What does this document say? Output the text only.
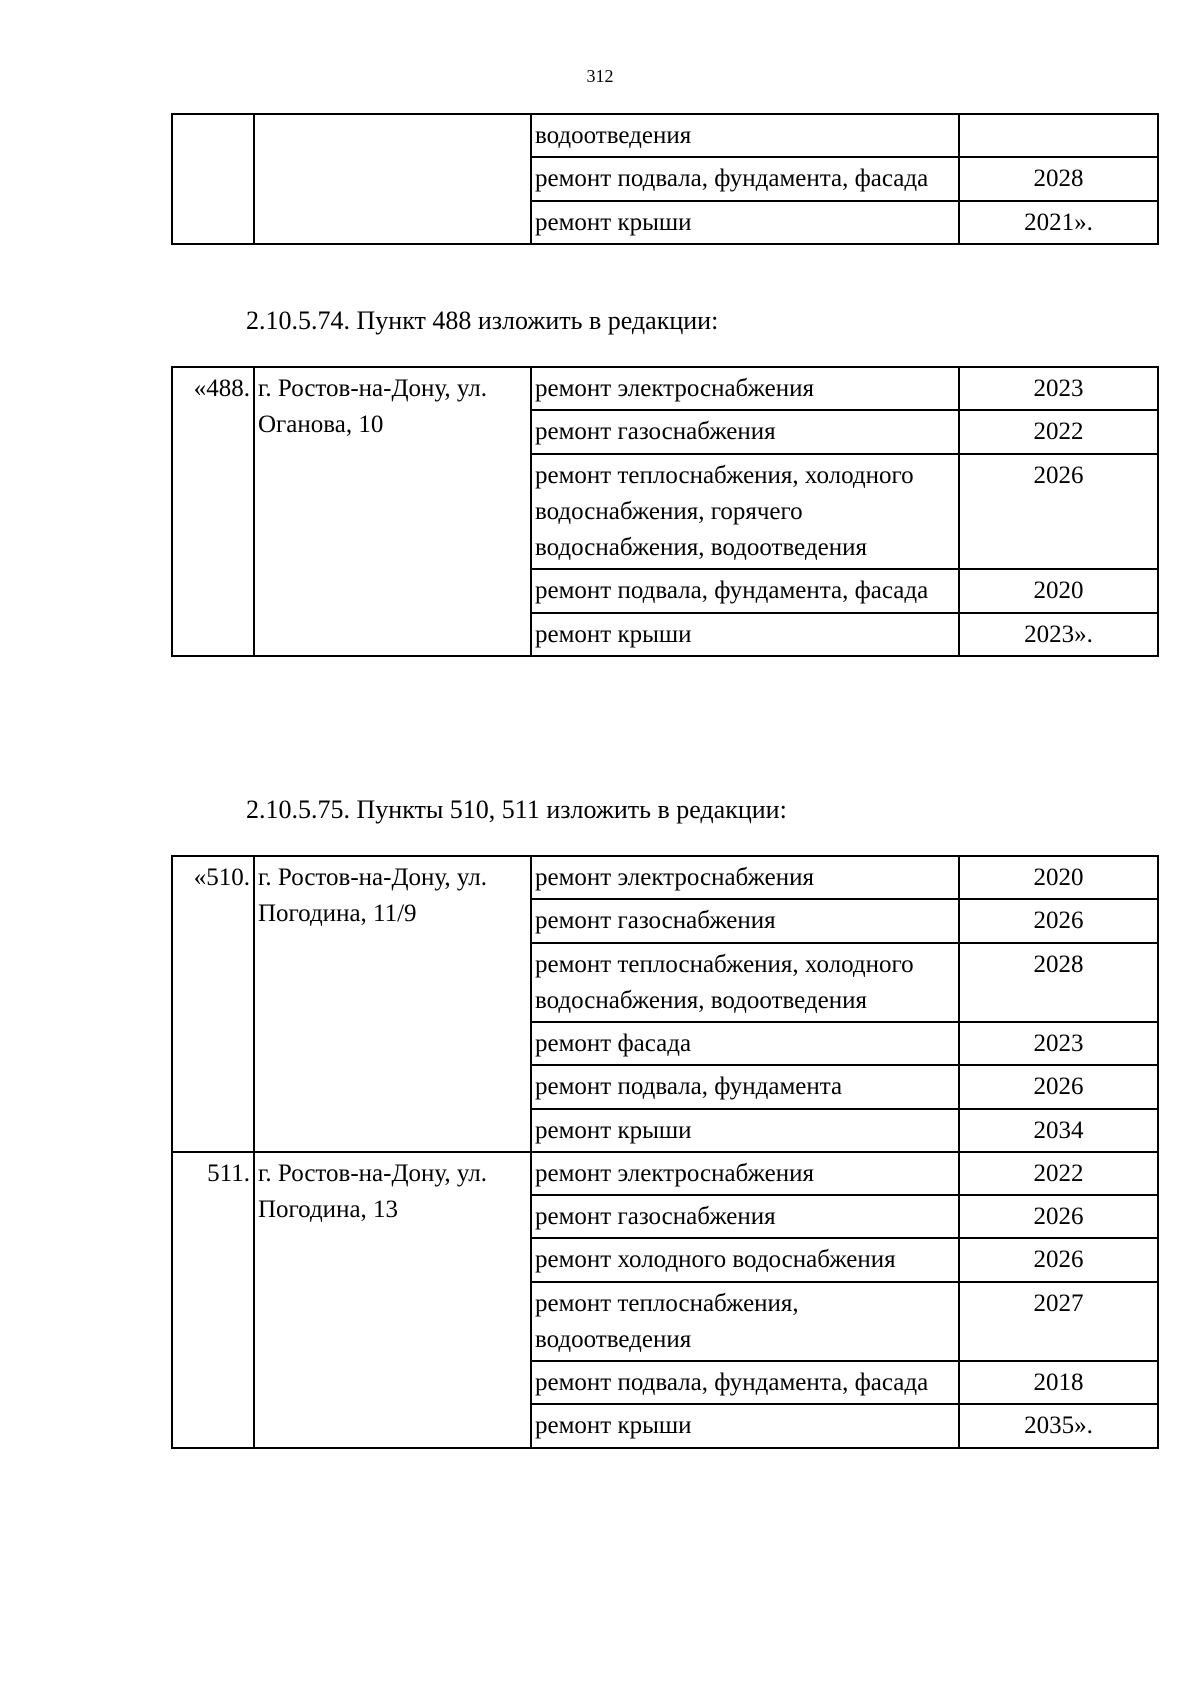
312
		водоотведения	
		ремонт подвала, фундамента, фасада	2028
		ремонт крыши	2021».
2.10.5.74. Пункт 488 изложить в редакции:
«488.	г. Ростов-на-Дону, ул. Оганова, 10	ремонт электроснабжения	2023
		ремонт газоснабжения	2022
		ремонт теплоснабжения, холодного водоснабжения, горячего водоснабжения, водоотведения	2026
		ремонт подвала, фундамента, фасада	2020
		ремонт крыши	2023».
2.10.5.75. Пункты 510, 511 изложить в редакции:
«510.	г. Ростов-на-Дону, ул. Погодина, 11/9	ремонт электроснабжения	2020
		ремонт газоснабжения	2026
		ремонт теплоснабжения, холодного водоснабжения, водоотведения	2028
		ремонт фасада	2023
		ремонт подвала, фундамента	2026
		ремонт крыши	2034
511.	г. Ростов-на-Дону, ул. Погодина, 13	ремонт электроснабжения	2022
		ремонт газоснабжения	2026
		ремонт холодного водоснабжения	2026
		ремонт теплоснабжения, водоотведения	2027
		ремонт подвала, фундамента, фасада	2018
		ремонт крыши	2035».
